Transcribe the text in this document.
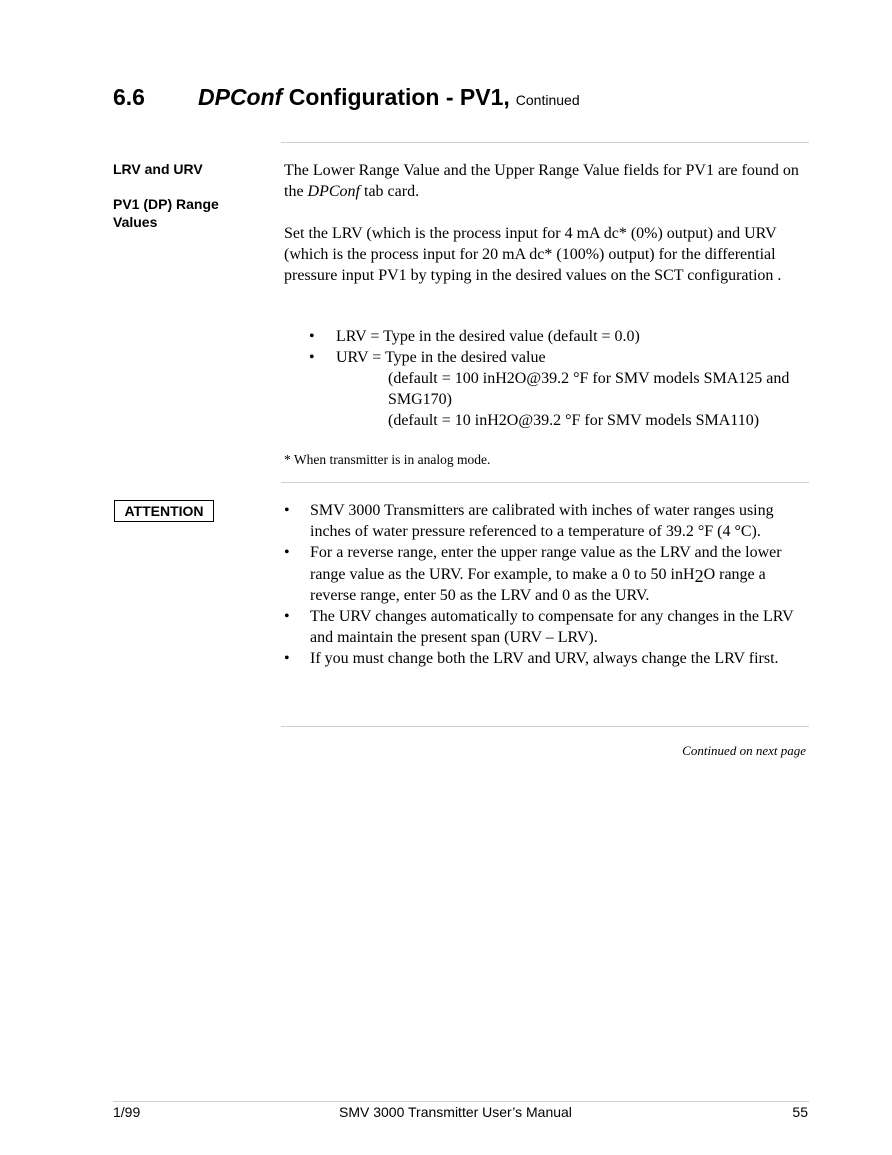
6.6 DPConf Configuration - PV1, Continued
LRV and URV
PV1 (DP) Range
Values

The Lower Range Value and the Upper Range Value fields for PV1 are found on the DPConf tab card.

Set the LRV (which is the process input for 4 mA dc* (0%) output) and URV (which is the process input for 20 mA dc* (100%) output) for the differential pressure input PV1 by typing in the desired values on the SCT configuration .

• LRV = Type in the desired value (default = 0.0)
• URV = Type in the desired value
(default = 100 inH2O@39.2 °F for SMV models SMA125 and SMG170)
(default = 10 inH2O@39.2 °F for SMV models SMA110)
* When transmitter is in analog mode.
ATTENTION	• SMV 3000 Transmitters are calibrated with inches of water ranges using inches of water pressure referenced to a temperature of 39.2 °F (4 °C).
• For a reverse range, enter the upper range value as the LRV and the lower range value as the URV. For example, to make a 0 to 50 inH2O range a reverse range, enter 50 as the LRV and 0 as the URV.
• The URV changes automatically to compensate for any changes in the LRV and maintain the present span (URV – LRV).
• If you must change both the LRV and URV, always change the LRV first.
Continued on next page
1/99	SMV 3000 Transmitter User’s Manual	55
